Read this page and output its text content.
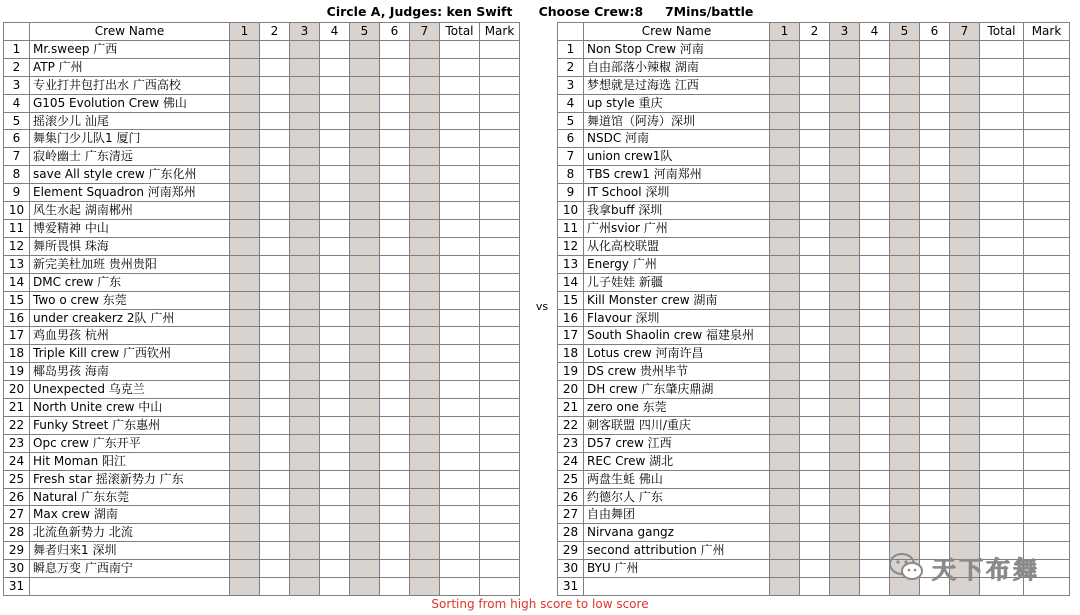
Circle A, Judges: ken Swift
Choose Crew:8
7Mins/battle
	Crew Name	1	2	3	4	5	6	7	Total	Mark
1	Mr.sweep 广西									
2	ATP 广州									
3	专业打井包打出水 广西高校									
4	G105 Evolution Crew 佛山									
5	摇滚少儿 汕尾									
6	舞集门少儿队1 厦门									
7	寂岭幽士 广东清远									
8	save All style crew 广东化州									
9	Element Squadron 河南郑州									
10	风生水起 湖南郴州									
11	博爱精神 中山									
12	舞所畏惧 珠海									
13	新完美杜加班 贵州贵阳									
14	DMC crew 广东									
15	Two o crew 东莞									
16	under creakerz 2队 广州									
17	鸡血男孩 杭州									
18	Triple Kill crew 广西钦州									
19	椰岛男孩 海南									
20	Unexpected 乌克兰									
21	North Unite crew 中山									
22	Funky Street 广东惠州									
23	Opc crew 广东开平									
24	Hit Moman 阳江									
25	Fresh star 摇滚新势力 广东									
26	Natural 广东东莞									
27	Max crew 湖南									
28	北流鱼新势力 北流									
29	舞者归来1 深圳									
30	瞬息万变 广西南宁									
31										
vs
	Crew Name	1	2	3	4	5	6	7	Total	Mark
1	Non Stop Crew 河南									
2	自由部落小辣椒 湖南									
3	梦想就是过海选 江西									
4	up style 重庆									
5	舞道馆（阿涛）深圳									
6	NSDC 河南									
7	union crew1队									
8	TBS crew1 河南郑州									
9	IT School 深圳									
10	我拿buff 深圳									
11	广州svior 广州									
12	从化高校联盟									
13	Energy 广州									
14	儿子娃娃 新疆									
15	Kill Monster crew 湖南									
16	Flavour 深圳									
17	South Shaolin crew 福建泉州									
18	Lotus crew 河南许昌									
19	DS crew 贵州毕节									
20	DH crew 广东肇庆鼎湖									
21	zero one 东莞									
22	刺客联盟 四川/重庆									
23	D57 crew 江西									
24	REC Crew 湖北									
25	两盘生蚝 佛山									
26	约德尔人 广东									
27	自由舞团									
28	Nirvana gangz									
29	second attribution 广州									
30	BYU 广州									
31										
Sorting from high score to low score
天下布舞
